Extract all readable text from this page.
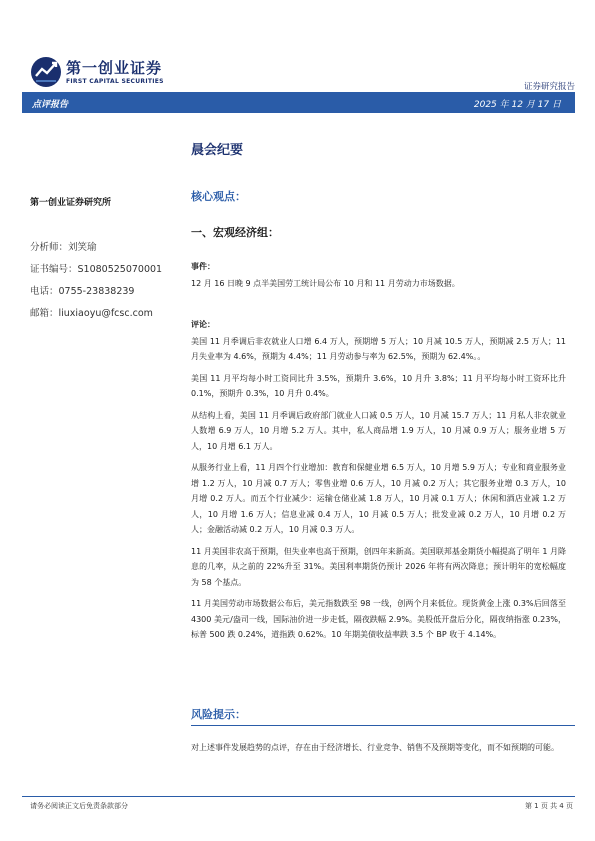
第一创业证券
FIRST CAPITAL SECURITIES
证券研究报告
点评报告	2025 年 12 月 17 日
晨会纪要
第一创业证券研究所
分析师：刘笑瑜
证书编号：S1080525070001
电话：0755-23838239
邮箱：liuxiaoyu@fcsc.com
核心观点：
一、宏观经济组：
事件：
12 月 16 日晚 9 点半美国劳工统计局公布 10 月和 11 月劳动力市场数据。
评论：
美国 11 月季调后非农就业人口增 6.4 万人，预期增 5 万人；10 月减 10.5 万人，预期减 2.5 万人；11 月失业率为 4.6%，预期为 4.4%；11 月劳动参与率为 62.5%，预期为 62.4%。。
美国 11 月平均每小时工资同比升 3.5%，预期升 3.6%，10 月升 3.8%；11 月平均每小时工资环比升 0.1%，预期升 0.3%，10 月升 0.4%。
从结构上看，美国 11 月季调后政府部门就业人口减 0.5 万人，10 月减 15.7 万人；11 月私人非农就业人数增 6.9 万人，10 月增 5.2 万人。其中，私人商品增 1.9 万人，10 月减 0.9 万人；服务业增 5 万人，10 月增 6.1 万人。
从服务行业上看，11 月四个行业增加：教育和保健业增 6.5 万人，10 月增 5.9 万人；专业和商业服务业增 1.2 万人，10 月减 0.7 万人；零售业增 0.6 万人，10 月减 0.2 万人；其它服务业增 0.3 万人，10 月增 0.2 万人。而五个行业减少：运输仓储业减 1.8 万人，10 月减 0.1 万人；休闲和酒店业减 1.2 万人，10 月增 1.6 万人；信息业减 0.4 万人，10 月减 0.5 万人；批发业减 0.2 万人，10 月增 0.2 万人；金融活动减 0.2 万人，10 月减 0.3 万人。
11 月美国非农高于预期，但失业率也高于预期，创四年来新高。美国联邦基金期货小幅提高了明年 1 月降息的几率，从之前的 22%升至 31%。美国利率期货仍预计 2026 年将有两次降息；预计明年的宽松幅度为 58 个基点。
11 月美国劳动市场数据公布后，美元指数跌至 98 一线，创两个月来低位。现货黄金上涨 0.3%后回落至 4300 美元/盎司一线，国际油价进一步走低，隔夜跌幅 2.9%。美股低开盘后分化，隔夜纳指涨 0.23%，标普 500 跌 0.24%，道指跌 0.62%。10 年期美债收益率跌 3.5 个 BP 收于 4.14%。
风险提示：
对上述事件发展趋势的点评，存在由于经济增长、行业竞争、销售不及预期等变化，而不如预期的可能。
请务必阅读正文后免责条款部分	第 1 页 共 4 页
